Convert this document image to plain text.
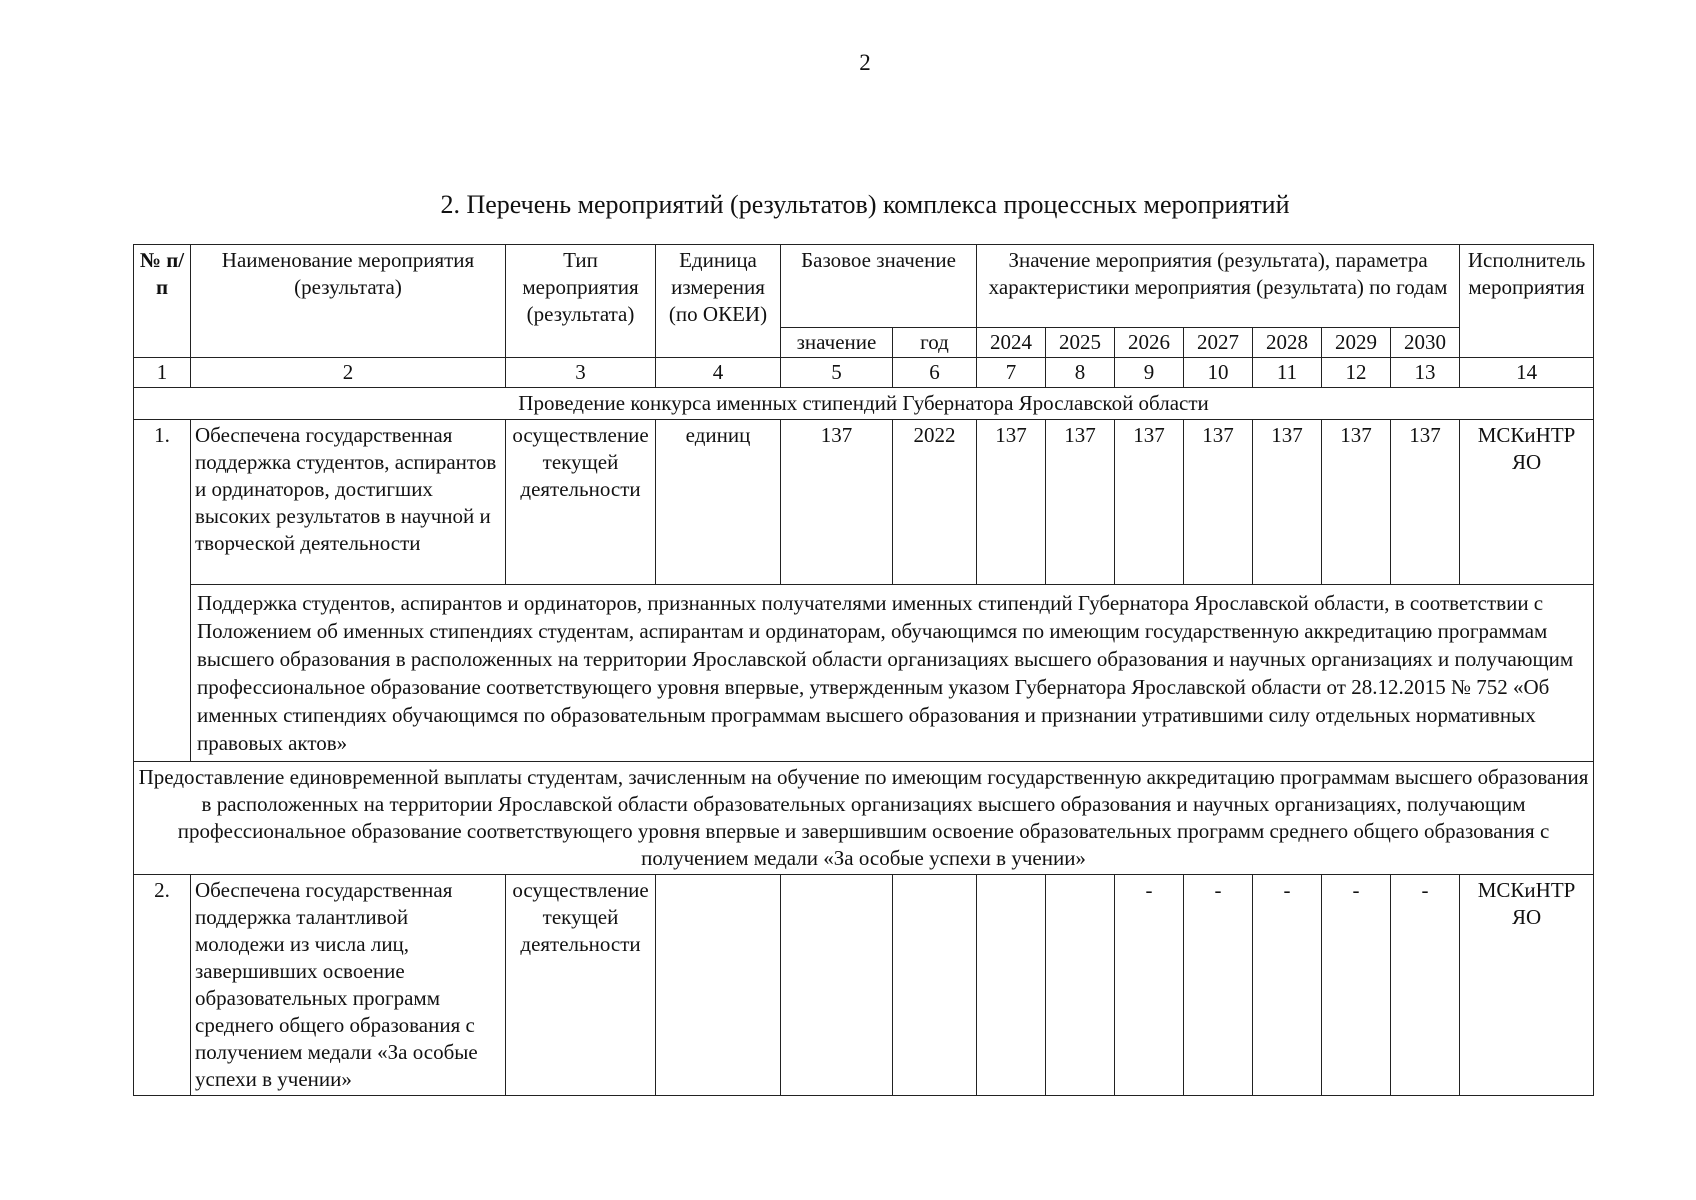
2
2. Перечень мероприятий (результатов) комплекса процессных мероприятий
№ п/п	Наименование мероприятия (результата)	Тип мероприятия (результата)	Единица измерения (по ОКЕИ)	Базовое значение		Значение мероприятия (результата), параметра характеристики мероприятия (результата) по годам							Исполнитель мероприятия
				значение	год	2024	2025	2026	2027	2028	2029	2030	
1	2	3	4	5	6	7	8	9	10	11	12	13	14
Проведение конкурса именных стипендий Губернатора Ярославской области													
1.	Обеспечена государственная поддержка студентов, аспирантов и ординаторов, достигших высоких результатов в научной и творческой деятельности	осуществление текущей деятельности	единиц	137	2022	137	137	137	137	137	137	137	МСКиНТР ЯО
	Поддержка студентов, аспирантов и ординаторов, признанных получателями именных стипендий Губернатора Ярославской области, в соответствии с Положением об именных стипендиях студентам, аспирантам и ординаторам, обучающимся по имеющим государственную аккредитацию программам высшего образования в расположенных на территории Ярославской области организациях высшего образования и научных организациях и получающим профессиональное образование соответствующего уровня впервые, утвержденным указом Губернатора Ярославской области от 28.12.2015 № 752 «Об именных стипендиях обучающимся по образовательным программам высшего образования и признании утратившими силу отдельных нормативных правовых актов»												
Предоставление единовременной выплаты студентам, зачисленным на обучение по имеющим государственную аккредитацию программам высшего образования в расположенных на территории Ярославской области образовательных организациях высшего образования и научных организациях, получающим профессиональное образование соответствующего уровня впервые и завершившим освоение образовательных программ среднего общего образования с получением медали «За особые успехи в учении»													
2.	Обеспечена государственная поддержка талантливой молодежи из числа лиц, завершивших освоение образовательных программ среднего общего образования с получением медали «За особые успехи в учении»	осуществление текущей деятельности						-	-	-	-	-	МСКиНТР ЯО
